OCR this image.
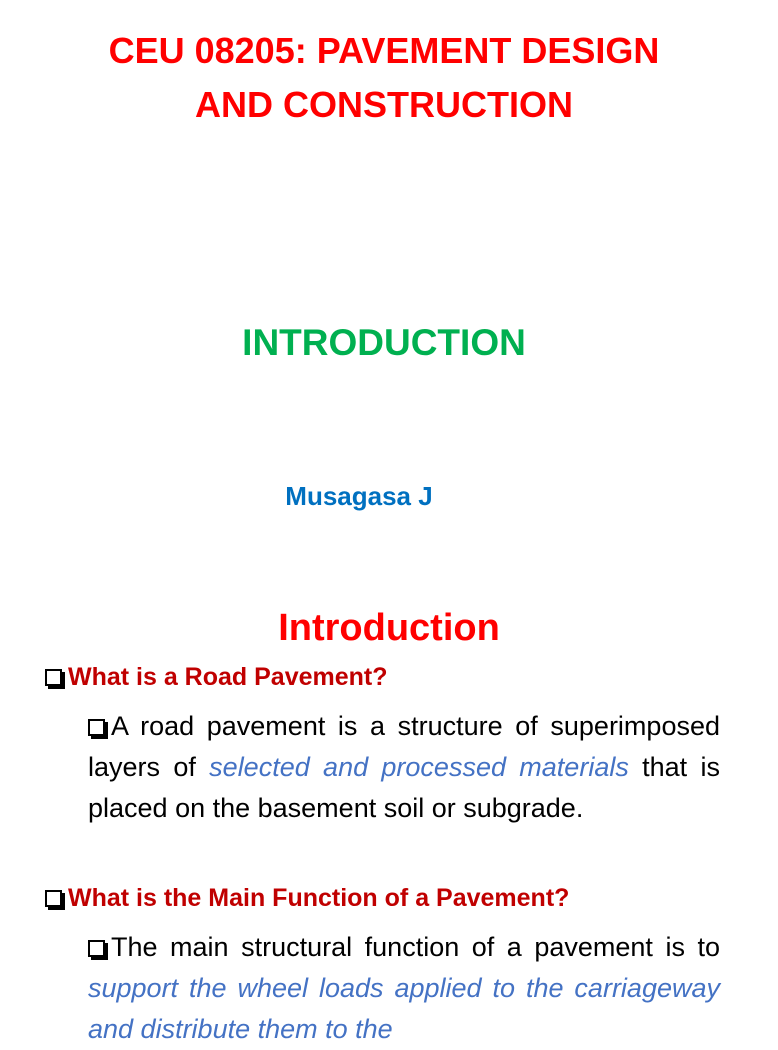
CEU 08205: PAVEMENT DESIGN
AND CONSTRUCTION
INTRODUCTION

Musagasa J

Introduction

What is a Road Pavement?

A road pavement is a structure of superimposed layers of selected and processed materials that is placed on the basement soil or subgrade.

What is the Main Function of a Pavement?

The main structural function of a pavement is to support the wheel loads applied to the carriageway and distribute them to the
